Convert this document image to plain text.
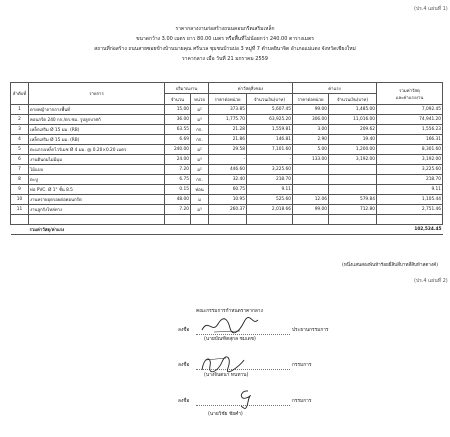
(ปร.4 แผ่นที่ 1)
ราคากลางงานก่อสร้างถนนคอนกรีตเสริมเหล็ก
ขนาดกว้าง 3.00 เมตร ยาว 80.00 เมตร หรือพื้นที่ไม่น้อยกว่า 240.00 ตารางเมตร
สถานที่ก่อสร้าง ถนนสายซอยข้างบ้านนายคุณ ศรีนวล ชุมชนบ้านบ่อ 3 หมู่ที่ 7 ตำบลยินาจิต อำเภอแม่แตง จังหวัดเชียงใหม่
ราคากลาง เมื่อ วันที่ 21 มกราคม 2559
ลำดับที่	รายการ	ปริมาณงาน		ค่าวัสดุสิ่งของ		ค่าแรง		รวมค่าวัสดุ
และค่าแรงงาน

		จำนวน	หน่วย	ราคาต่อหน่วย	จำนวนเงิน(บาท)	ราคาต่อหน่วย	จำนวนเงิน(บาท)	
1	ดายหญ้าถากถางพื้นที่	15.00	ม²	373.85	5,607.45	99.00	1,485.00	7,092.45
2	คอนกรีต 240 กก./ตร.ซม. รูปลูกบาศก์	36.00	ม³	1,775.70	63,925.20	306.00	11,016.00	74,941.20
3	เหล็กเสริม Ø 15 มม. (RB)	63.55	กก.	21.28	1,559.81	3.00	209.62	1,556.23
4	เหล็กเสริม Ø 15 มม. (RB)	6.69	กก.	21.86	146.81	2.90	19.40	166.31
5	ตะแกรงเหล็กไวร์เมช Ø 4 มม. @ 0.20×0.20 เมตร	240.00	ม²	29.58	7,101.60	5.00	1,200.00	8,301.60
6	งานดินถมไม่มีมุม	24.00	ม³	-	-	133.00	3,192.00	3,192.00
7	ไม้แบบ	7.20	ม²	446.60	3,225.60			3,225.60
8	ตะปู	6.75	กก.	32.40	218.70			218.70
9	ท่อ PVC. Ø 1" ชั้น 8.5	0.15	ท่อน	60.75	9.11			9.11
10	งานทรายอุดรอยต่อคอนกรีต	48.00	ม	10.95	525.60	12.06	579.84	1,105.44
11	งานลูกรังไหล่ทาง	7.20	ม³	260.37	2,018.66	99.00	712.80	2,751.46

	รวมค่าวัสดุ/ค่าแรง							102,524.45
(หนึ่งแสนสองพันห้าร้อยยี่สิบสี่บาทสี่สิบห้าสตางค์)
(ปร.4 แผ่นที่ 2)
คณะกรรมการกำหนดราคากลาง
ลงชื่อ	ประธานกรรมการ
(นายบัณฑิตสุกล ชมเดช)
ลงชื่อ	กรรมการ
(นางจินตนา ทนทาน)
ลงชื่อ	กรรมการ
(นายวิชัย ชัยคำ)
